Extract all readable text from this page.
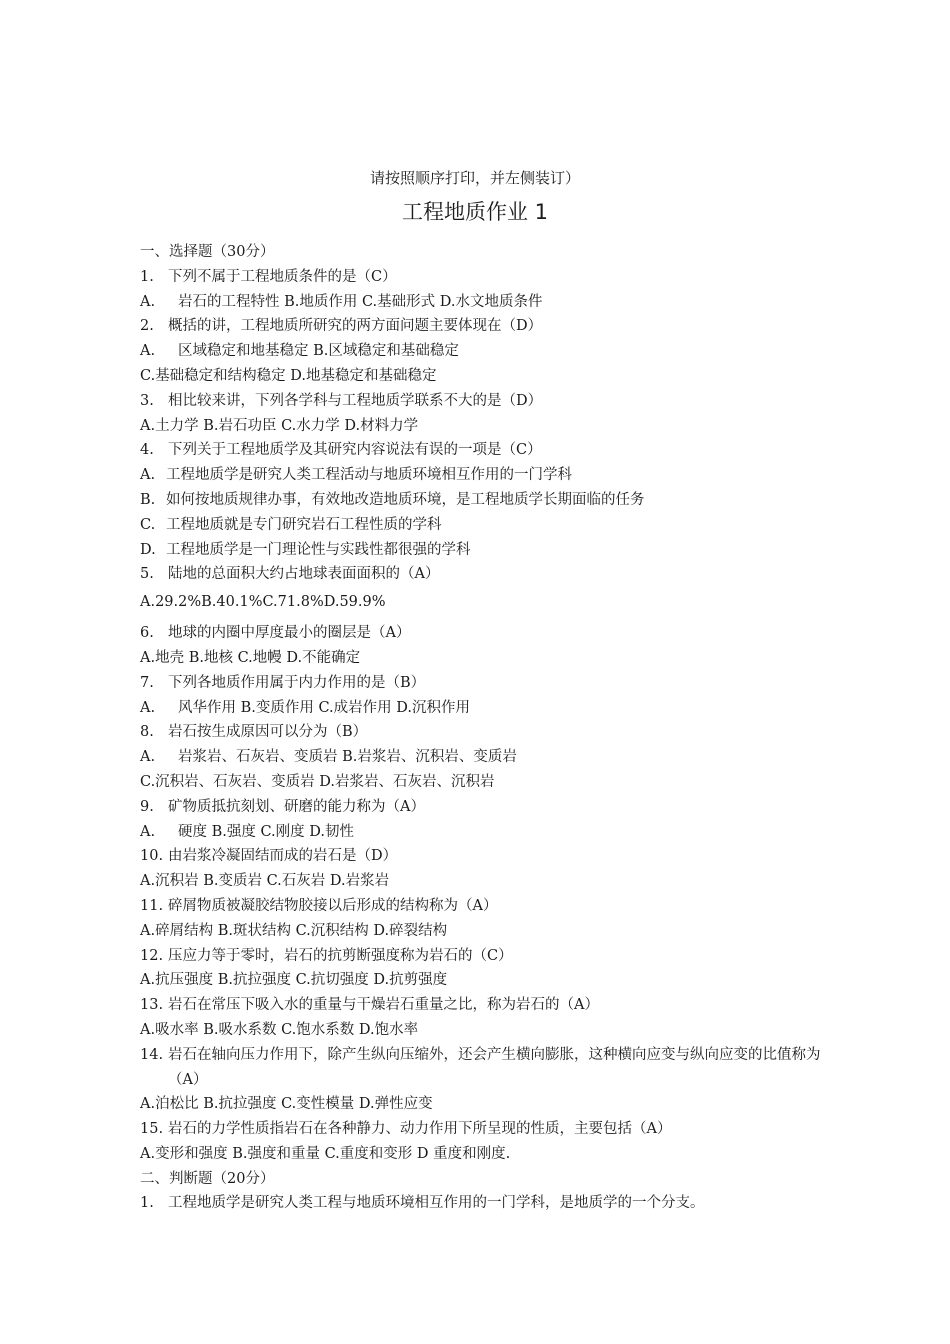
请按照顺序打印，并左侧装订）
工程地质作业 1
一、选择题（30分）
1. 下列不属于工程地质条件的是（C）
A.	岩石的工程特性 B.地质作用 C.基础形式 D.水文地质条件
2. 概括的讲，工程地质所研究的两方面问题主要体现在（D）
A.	区域稳定和地基稳定 B.区域稳定和基础稳定
C.基础稳定和结构稳定 D.地基稳定和基础稳定
3. 相比较来讲，下列各学科与工程地质学联系不大的是（D）
A.土力学 B.岩石功臣 C.水力学 D.材料力学
4. 下列关于工程地质学及其研究内容说法有误的一项是（C）
A. 工程地质学是研究人类工程活动与地质环境相互作用的一门学科
B. 如何按地质规律办事，有效地改造地质环境，是工程地质学长期面临的任务
C. 工程地质就是专门研究岩石工程性质的学科
D. 工程地质学是一门理论性与实践性都很强的学科
5. 陆地的总面积大约占地球表面面积的（A）
A.29.2%B.40.1%C.71.8%D.59.9%
6. 地球的内圈中厚度最小的圈层是（A）
A.地壳 B.地核 C.地幔 D.不能确定
7. 下列各地质作用属于内力作用的是（B）
A.	风华作用 B.变质作用 C.成岩作用 D.沉积作用
8. 岩石按生成原因可以分为（B）
A.	岩浆岩、石灰岩、变质岩 B.岩浆岩、沉积岩、变质岩
C.沉积岩、石灰岩、变质岩 D.岩浆岩、石灰岩、沉积岩
9. 矿物质抵抗刻划、研磨的能力称为（A）
A.	硬度 B.强度 C.刚度 D.韧性
10. 由岩浆冷凝固结而成的岩石是（D）
A.沉积岩 B.变质岩 C.石灰岩 D.岩浆岩
11. 碎屑物质被凝胶结物胶接以后形成的结构称为（A）
A.碎屑结构 B.斑状结构 C.沉积结构 D.碎裂结构
12. 压应力等于零时，岩石的抗剪断强度称为岩石的（C）
A.抗压强度 B.抗拉强度 C.抗切强度 D.抗剪强度
13. 岩石在常压下吸入水的重量与干燥岩石重量之比，称为岩石的（A）
A.吸水率 B.吸水系数 C.饱水系数 D.饱水率
14. 岩石在轴向压力作用下，除产生纵向压缩外，还会产生横向膨胀，这种横向应变与纵向应变的比值称为（A）
A.泊松比 B.抗拉强度 C.变性模量 D.弹性应变
15. 岩石的力学性质指岩石在各种静力、动力作用下所呈现的性质，主要包括（A）
A.变形和强度 B.强度和重量 C.重度和变形 D 重度和刚度.
二、判断题（20分）
1. 工程地质学是研究人类工程与地质环境相互作用的一门学科，是地质学的一个分支。
